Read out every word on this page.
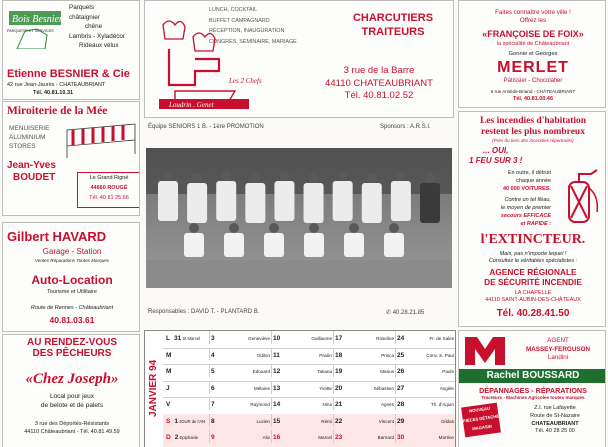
Bois Besnier
PARQUETS ET SERVICES
Parquets
châtaignier
chêne
Lambris - Xyladécor
Rideaux vélux
Etienne BESNIER & Cie
42 rue Jean-Jaurès - CHATEAUBRIANT
Tél. 40.81.10.31
Miroiterie de la Mée
MENUISERIE
ALUMINIUM
STORES
Jean-Yves
BOUDET	Le Grand Rigné
44660 ROUGÉ
Tél. 40 81 25.66
Gilbert HAVARD
Garage - Station
Ventes Réparations Toutes Marques
Auto-Location
Tourisme et Utilitaire
Route de Rennes - Châteaubriant
40.81.03.61
AU RENDEZ-VOUS
DES PÊCHEURS
«Chez Joseph»
Local pour jeux
de belote et de palets
3 rue des Déportés-Résistants
44110 Châteaubriant - Tél. 40.81.49.59
LUNCH, COCKTAIL
BUFFET CAMPAGNARD
RÉCEPTION, INAUGURATION
CONGRÈS, SÉMINAIRE, MARIAGE
Loudrin . Genet
Les 2 Chefs
CHARCUTIERS
TRAITEURS
3 rue de la Barre
44110 CHATEAUBRIANT
Tél. 40.81.02.52
Équipe SENIORS 1 B. - 1ère PROMOTION	Sponsors : A.R.S.I.
Responsables : DAVID T. - PLANTARD B.	✆ 40.28.21.85
JANVIER 94
L 31 St Marcel	3	Geneviève 10	Guillaume 17	Roseline 24	Fr. de Sales
M	4	Odilon 11	Paulin 18	Prisca 25	Conv. S. Paul
M	5	Edouard 12	Tatiana 19	Marius 26	Paule
J	6	Mélaine 13	Yvette 20	Sébastien 27	Angèle
V	7	Raymond 14	Nina 21	Agnès 28	Th. d'Aquin
S 1 JOUR de l'AN 8	Lucien 15	Rémi 22	Vincent 29	Gildas
D 2 Epiphanie	9	Alix 16	Marcel 23	Barnard 30	Martine
Faites connaître votre ville !
Offrez les
«FRANÇOISE DE FOIX»
la spécialité de Châteaubriant
Gonnie et Georges
MERLET
Pâtissier - Chocolatier
6 rue Aristide-Briand - CHÂTEAUBRIANT
Tél. 40.81.00.46
Les incendies d'habitation
restent les plus nombreux
(Près du tiers des incendies répertoriés)
... OUI,
1 FEU SUR 3 !
En outre, il détruit
chaque année
40 000 VOITURES.
Contre un tel fléau,
le moyen de premier
secours EFFICACE
et RAPIDE :
l'EXTINCTEUR.
Mais, pas n'importe lequel !
Consultez le véritables spécialistes :
AGENCE RÉGIONALE
DE SÉCURITÉ INCENDIE
LA CHAPELLE
44110 SAINT-AUBIN-DES-CHÂTEAUX
Tél. 40.28.41.50
AGENT
MASSEY-FERGUSON
Landini
Rachel BOUSSARD
DÉPANNAGES - RÉPARATIONS
Tracteurs - Machines Agricoles toutes marques
NOUVEAU
PIÈCES DÉTACHÉES
MAGASIN
Z.I. rue Lafayette
Route de St-Nazaire
CHATEAUBRIANT
Tél. 40 28 25 00
